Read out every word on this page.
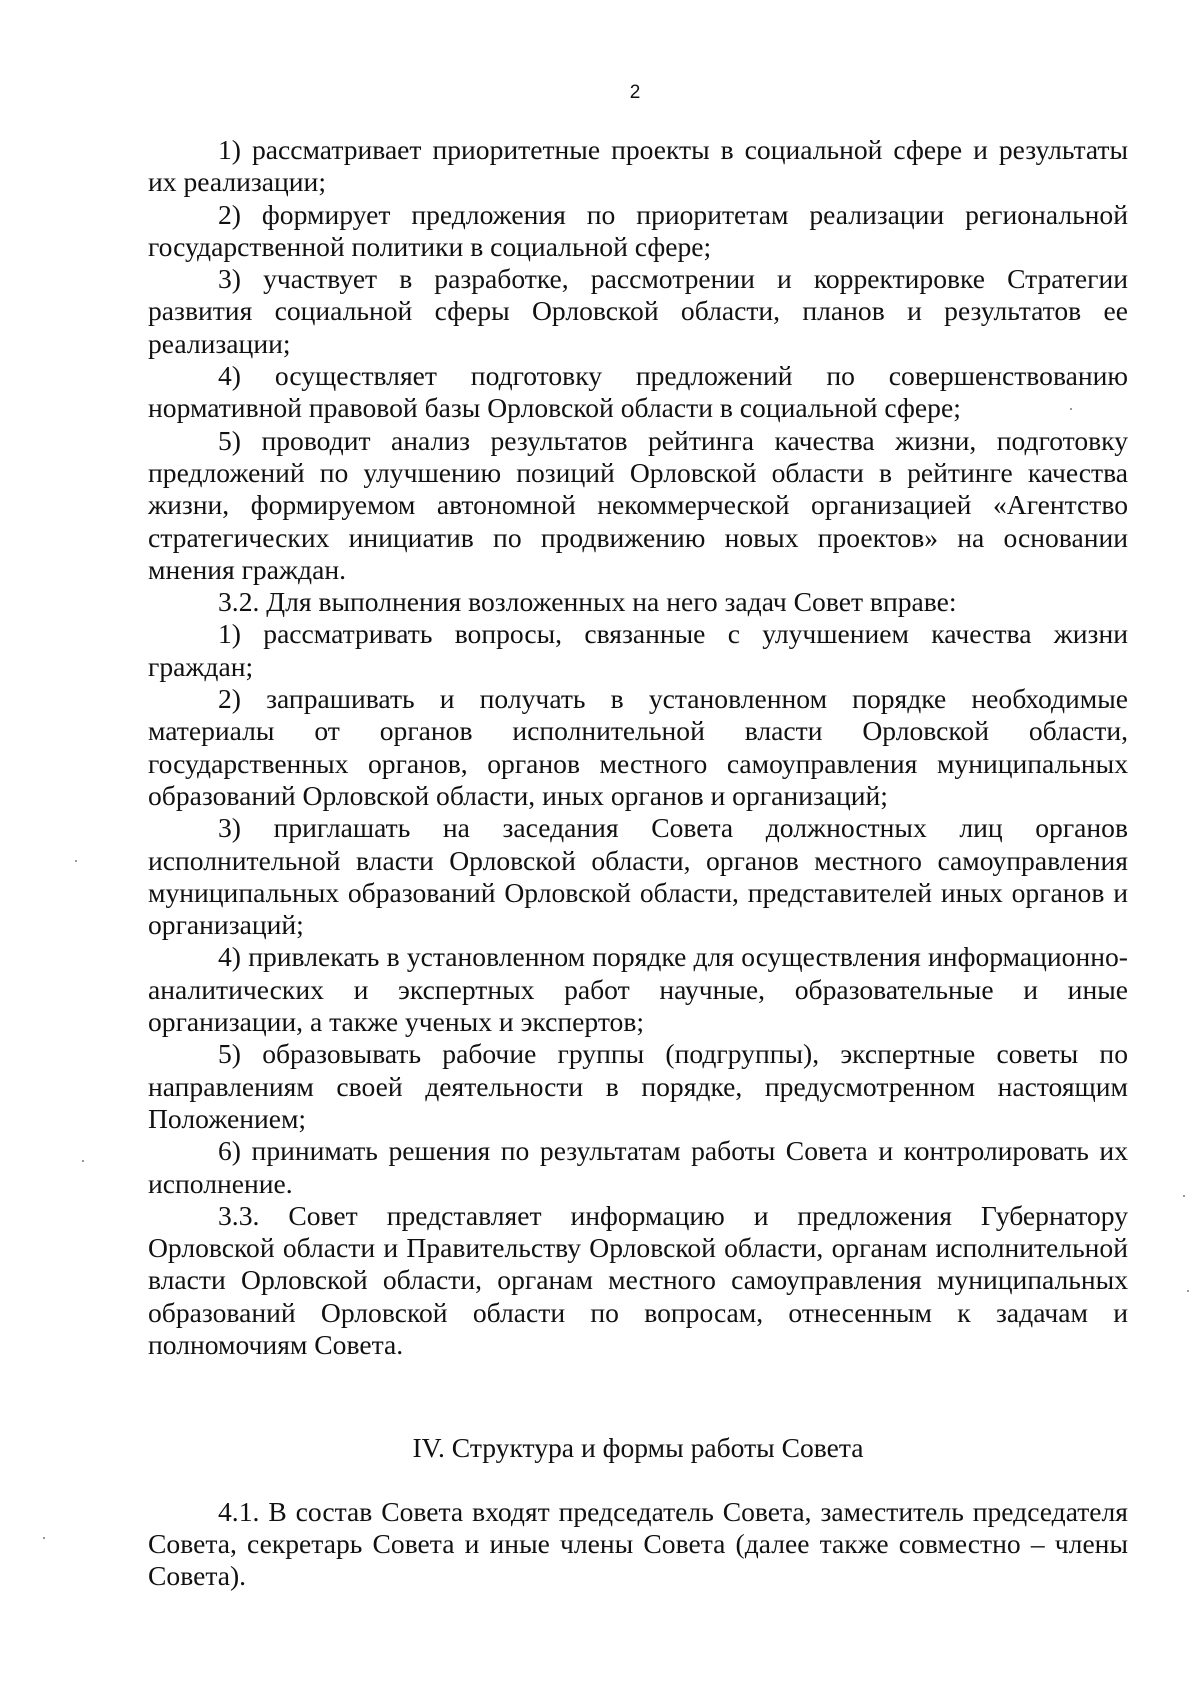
2

1) рассматривает приоритетные проекты в социальной сфере и результаты их реализации;

2) формирует предложения по приоритетам реализации региональной государственной политики в социальной сфере;

3) участвует в разработке, рассмотрении и корректировке Стратегии развития социальной сферы Орловской области, планов и результатов ее реализации;

4) осуществляет подготовку предложений по совершенствованию нормативной правовой базы Орловской области в социальной сфере;

5) проводит анализ результатов рейтинга качества жизни, подготовку предложений по улучшению позиций Орловской области в рейтинге качества жизни, формируемом автономной некоммерческой организацией «Агентство стратегических инициатив по продвижению новых проектов» на основании мнения граждан.

3.2. Для выполнения возложенных на него задач Совет вправе:

1) рассматривать вопросы, связанные с улучшением качества жизни граждан;

2) запрашивать и получать в установленном порядке необходимые материалы от органов исполнительной власти Орловской области, государственных органов, органов местного самоуправления муниципальных образований Орловской области, иных органов и организаций;

3) приглашать на заседания Совета должностных лиц органов исполнительной власти Орловской области, органов местного самоуправления муниципальных образований Орловской области, представителей иных органов и организаций;

4) привлекать в установленном порядке для осуществления информационно-аналитических и экспертных работ научные, образовательные и иные организации, а также ученых и экспертов;

5) образовывать рабочие группы (подгруппы), экспертные советы по направлениям своей деятельности в порядке, предусмотренном настоящим Положением;

6) принимать решения по результатам работы Совета и контролировать их исполнение.

3.3. Совет представляет информацию и предложения Губернатору Орловской области и Правительству Орловской области, органам исполнительной власти Орловской области, органам местного самоуправления муниципальных образований Орловской области по вопросам, отнесенным к задачам и полномочиям Совета.

IV. Структура и формы работы Совета

4.1. В состав Совета входят председатель Совета, заместитель председателя Совета, секретарь Совета и иные члены Совета (далее также совместно – члены Совета).
